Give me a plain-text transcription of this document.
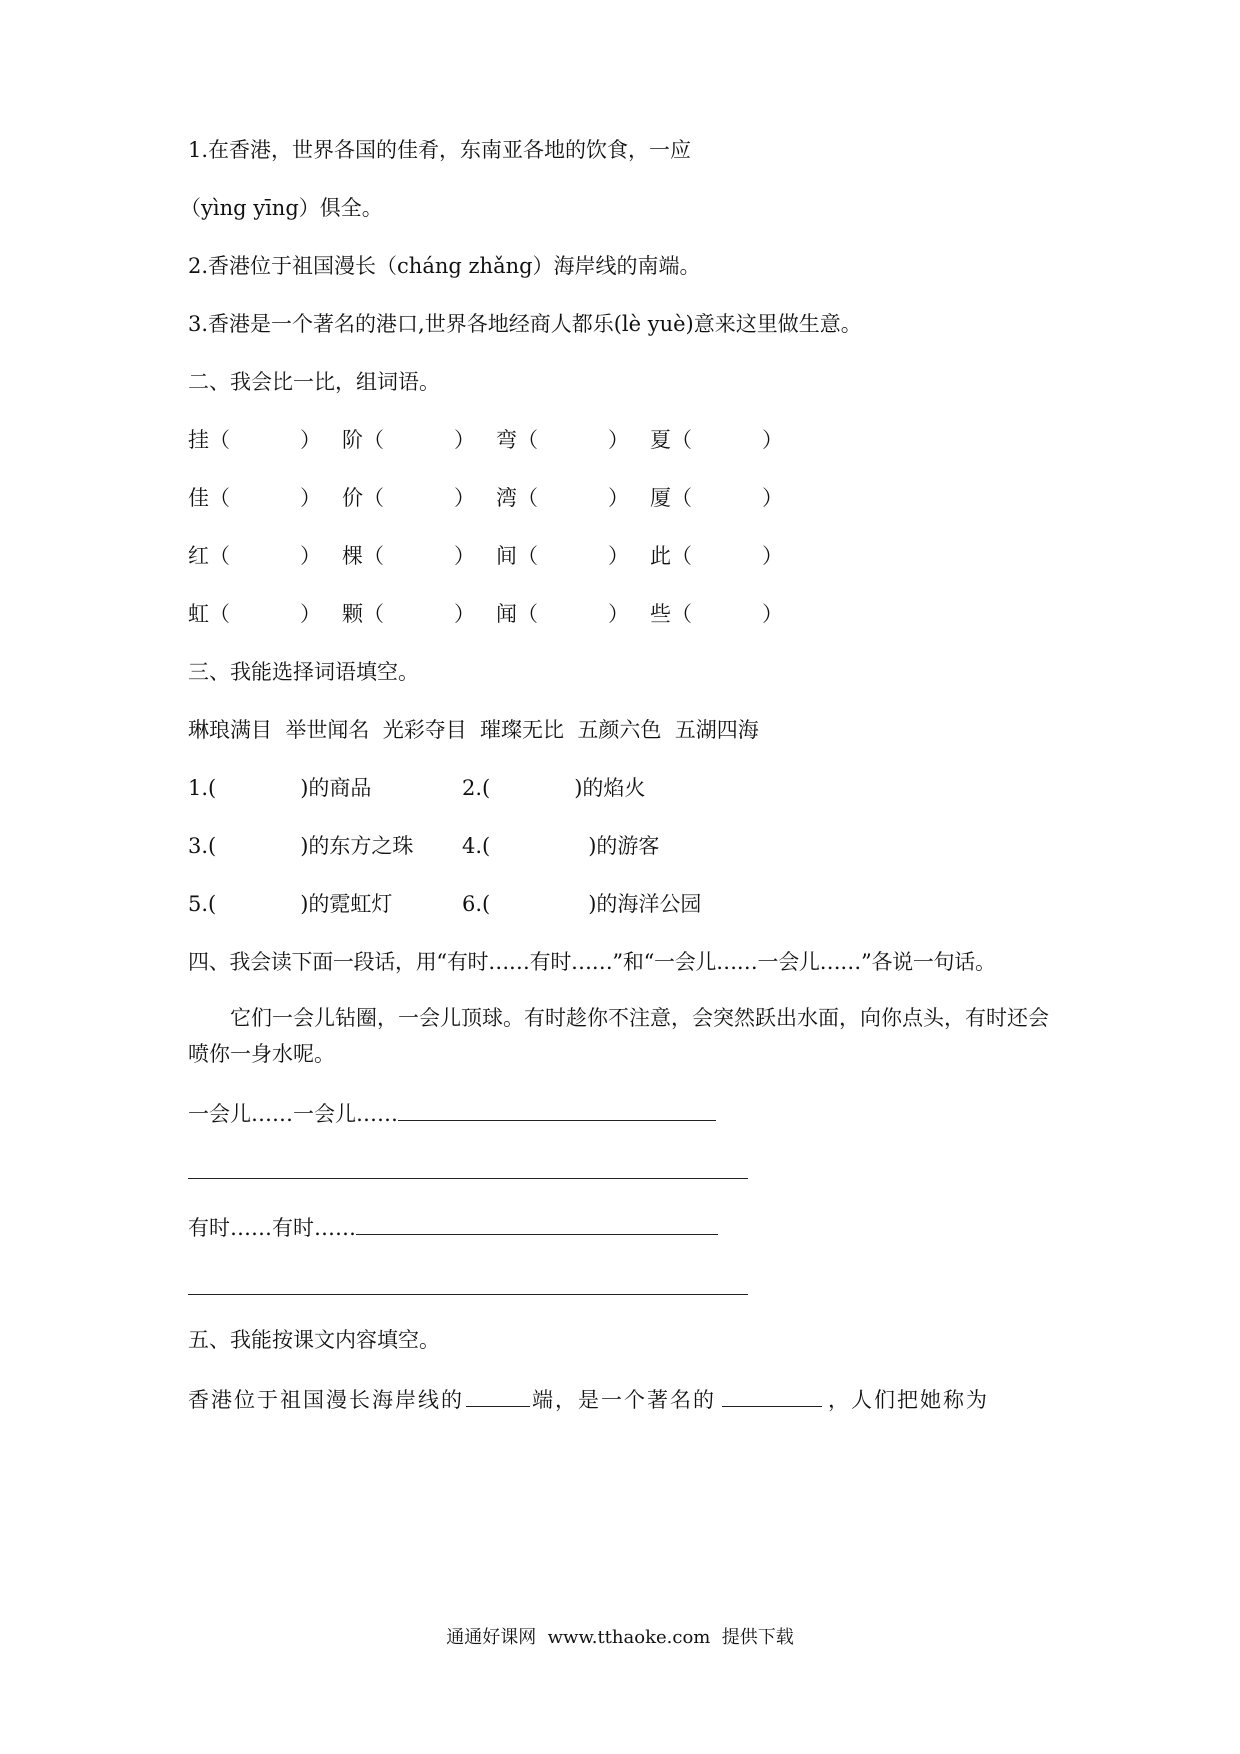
1.在香港，世界各国的佳肴，东南亚各地的饮食，一应
（yìng yīng）俱全。
2.香港位于祖国漫长（cháng zhǎng）海岸线的南端。
3.香港是一个著名的港口,世界各地经商人都乐(lè yuè)意来这里做生意。
二、我会比一比，组词语。
挂（	）	阶（	）	弯（	）	夏（	）
佳（	）	价（	）	湾（	）	厦（	）
红（	）	棵（	）	间（	）	此（	）
虹（	）	颗（	）	闻（	）	些（	）
三、我能选择词语填空。
琳琅满目  举世闻名  光彩夺目  璀璨无比  五颜六色  五湖四海
1.(	)的商品	2.(	)的焰火
3.(	)的东方之珠 4.(	)的游客
5.(	)的霓虹灯	6.(	)的海洋公园
四、我会读下面一段话，用“有时……有时……”和“一会儿……一会儿……”各说一句话。
它们一会儿钻圈，一会儿顶球。有时趁你不注意，会突然跃出水面，向你点头，有时还会喷你一身水呢。
一会儿……一会儿……
有时……有时……
五、我能按课文内容填空。
香港位于祖国漫长海岸线的	端，是一个著名的	，人们把她称为
通通好课网  www.tthaoke.com  提供下载
